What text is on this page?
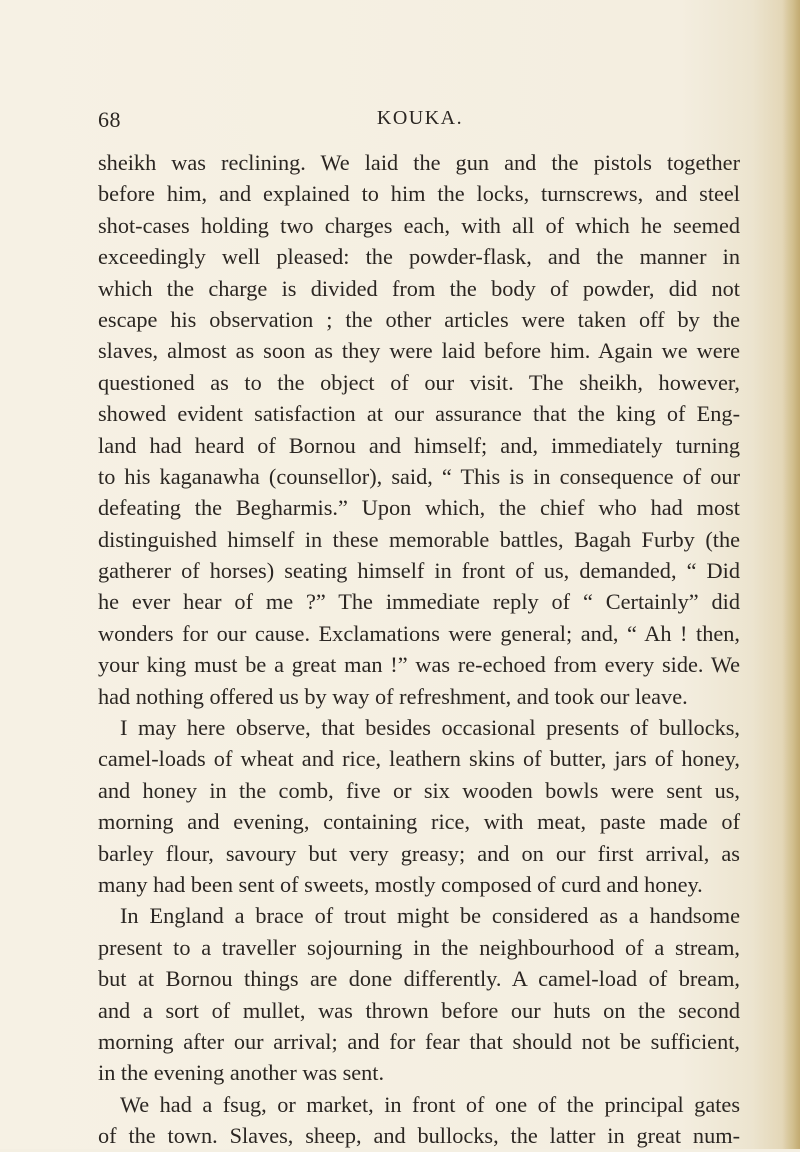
68	KOUKA.
sheikh was reclining. We laid the gun and the pistols together
before him, and explained to him the locks, turnscrews, and steel
shot-cases holding two charges each, with all of which he seemed
exceedingly well pleased: the powder-flask, and the manner in
which the charge is divided from the body of powder, did not
escape his observation ; the other articles were taken off by the
slaves, almost as soon as they were laid before him. Again we were
questioned as to the object of our visit. The sheikh, however,
showed evident satisfaction at our assurance that the king of Eng-
land had heard of Bornou and himself; and, immediately turning
to his kaganawha (counsellor), said, “ This is in consequence of our
defeating the Begharmis.” Upon which, the chief who had most
distinguished himself in these memorable battles, Bagah Furby (the
gatherer of horses) seating himself in front of us, demanded, “ Did
he ever hear of me ?” The immediate reply of “ Certainly” did
wonders for our cause. Exclamations were general; and, “ Ah ! then,
your king must be a great man !” was re-echoed from every side. We
had nothing offered us by way of refreshment, and took our leave.
I may here observe, that besides occasional presents of bullocks,
camel-loads of wheat and rice, leathern skins of butter, jars of honey,
and honey in the comb, five or six wooden bowls were sent us,
morning and evening, containing rice, with meat, paste made of
barley flour, savoury but very greasy; and on our first arrival, as
many had been sent of sweets, mostly composed of curd and honey.
In England a brace of trout might be considered as a handsome
present to a traveller sojourning in the neighbourhood of a stream,
but at Bornou things are done differently. A camel-load of bream,
and a sort of mullet, was thrown before our huts on the second
morning after our arrival; and for fear that should not be sufficient,
in the evening another was sent.
We had a fsug, or market, in front of one of the principal gates
of the town. Slaves, sheep, and bullocks, the latter in great num-
